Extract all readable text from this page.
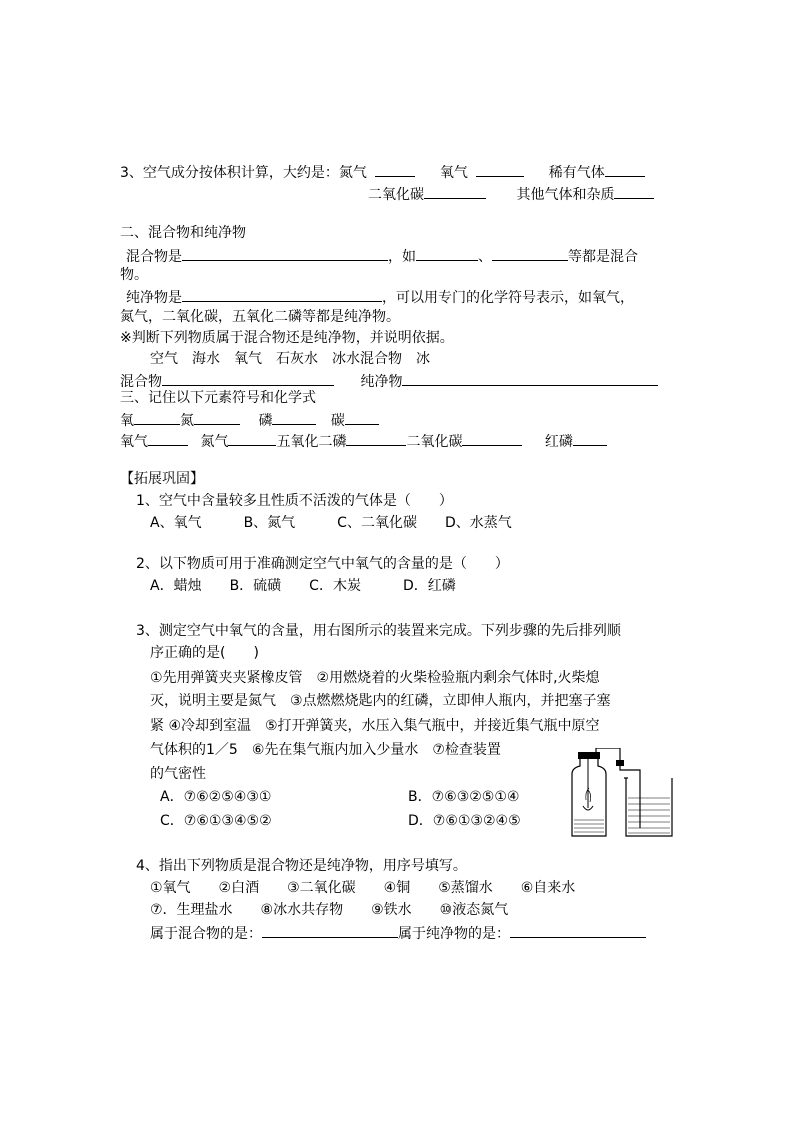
3、空气成分按体积计算，大约是：氮气	氧气	稀有气体
二氧化碳	其他气体和杂质
二、混合物和纯净物
混合物是	，如	、	等都是混合
物。
纯净物是	，可以用专门的化学符号表示，如氧气，
氮气，二氧化碳，五氧化二磷等都是纯净物。
※判断下列物质属于混合物还是纯净物，并说明依据。
空气　海水　氧气　石灰水　冰水混合物　冰
混合物	纯净物
三、记住以下元素符号和化学式
氧	氮	磷	碳
氧气	氮气	五氧化二磷	二氧化碳	红磷
【拓展巩固】
1、空气中含量较多且性质不活泼的气体是（　　）
A、氧气　　　B、氮气　　　C、二氧化碳　　D、水蒸气
2、以下物质可用于准确测定空气中氧气的含量的是（　　）
A．蜡烛　　B．硫磺　　C．木炭　　　D．红磷
3、测定空气中氧气的含量，用右图所示的装置来完成。下列步骤的先后排列顺
序正确的是(　　)
①先用弹簧夹夹紧橡皮管　②用燃烧着的火柴检验瓶内剩余气体时,火柴熄
灭，说明主要是氮气　③点燃燃烧匙内的红磷，立即伸人瓶内，并把塞子塞
紧 ④冷却到室温　⑤打开弹簧夹，水压入集气瓶中，并接近集气瓶中原空
气体积的1／5　⑥先在集气瓶内加入少量水　⑦检查装置
的气密性
A．⑦⑥②⑤④③①	B．⑦⑥③②⑤①④
C．⑦⑥①③④⑤②	D．⑦⑥①③②④⑤
4、指出下列物质是混合物还是纯净物，用序号填写。
①氧气　　②白酒　　③二氧化碳　　④铜　　⑤蒸馏水　　⑥自来水
⑦．生理盐水　　⑧冰水共存物　　⑨铁水　　⑩液态氮气
属于混合物的是：	属于纯净物的是：
